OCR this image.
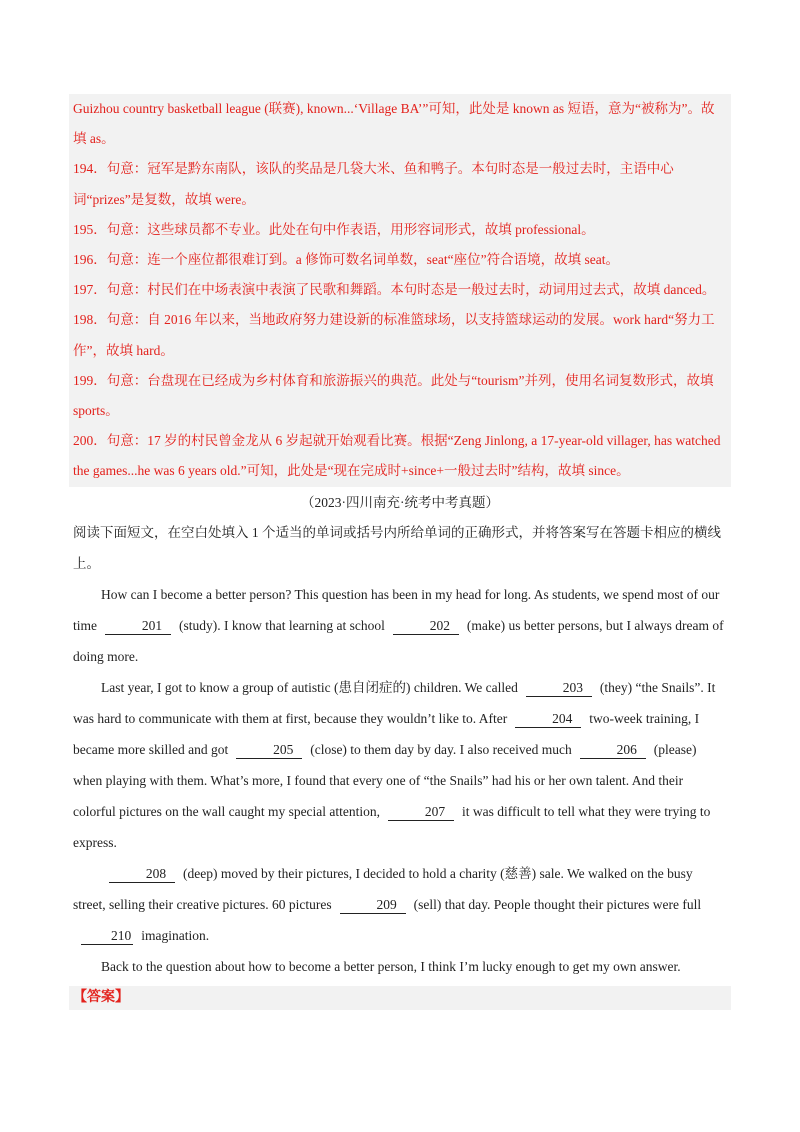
Guizhou country basketball league (联赛), known...‘Village BA’”可知，此处是 known as 短语，意为“被称为”。故填 as。

194．句意：冠军是黔东南队，该队的奖品是几袋大米、鱼和鸭子。本句时态是一般过去时，主语中心词“prizes”是复数，故填 were。

195．句意：这些球员都不专业。此处在句中作表语，用形容词形式，故填 professional。

196．句意：连一个座位都很难订到。a 修饰可数名词单数，seat“座位”符合语境，故填 seat。

197．句意：村民们在中场表演中表演了民歌和舞蹈。本句时态是一般过去时，动词用过去式，故填 danced。

198．句意：自 2016 年以来，当地政府努力建设新的标准篮球场，以支持篮球运动的发展。work hard“努力工作”，故填 hard。

199．句意：台盘现在已经成为乡村体育和旅游振兴的典范。此处与“tourism”并列，使用名词复数形式，故填 sports。

200．句意：17 岁的村民曾金龙从 6 岁起就开始观看比赛。根据“Zeng Jinlong, a 17-year-old villager, has watched the games...he was 6 years old.”可知，此处是“现在完成时+since+一般过去时”结构，故填 since。

（2023·四川南充·统考中考真题）

阅读下面短文，在空白处填入 1 个适当的单词或括号内所给单词的正确形式，并将答案写在答题卡相应的横线上。

How can I become a better person? This question has been in my head for long. As students, we spend most of our time	201 (study). I know that learning at school	202 (make) us better persons, but I always dream of doing more.

Last year, I got to know a group of autistic (患自闭症的) children. We called	203 (they) “the Snails”. It was hard to communicate with them at first, because they wouldn’t like to. After	204 two-week training, I became more skilled and got	205 (close) to them day by day. I also received much	206 (please) when playing with them. What’s more, I found that every one of “the Snails” had his or her own talent. And their colorful pictures on the wall caught my special attention,	207 it was difficult to tell what they were trying to express.

208 (deep) moved by their pictures, I decided to hold a charity (慈善) sale. We walked on the busy street, selling their creative pictures. 60 pictures	209 (sell) that day. People thought their pictures were full210 imagination.

Back to the question about how to become a better person, I think I’m lucky enough to get my own answer.

【答案】
